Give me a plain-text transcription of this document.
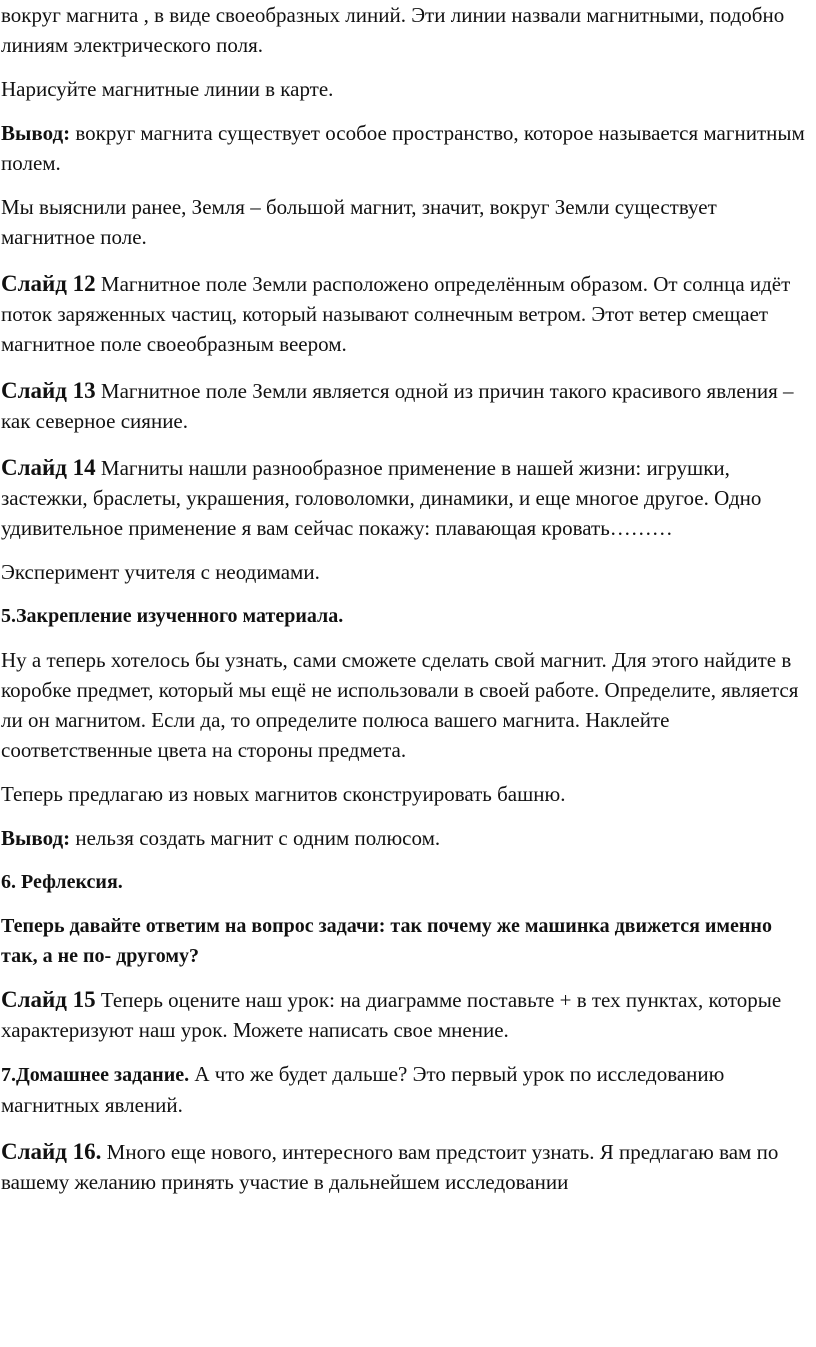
вокруг магнита , в виде своеобразных линий. Эти линии назвали магнитными, подобно линиям электрического поля.

Нарисуйте магнитные линии в карте.

Вывод: вокруг магнита существует особое пространство, которое называется магнитным полем.

Мы выяснили ранее, Земля – большой магнит, значит, вокруг Земли существует магнитное поле.

Слайд 12 Магнитное поле Земли расположено определённым образом. От солнца идёт поток заряженных частиц, который называют солнечным ветром. Этот ветер смещает магнитное поле своеобразным веером.

Слайд 13 Магнитное поле Земли является одной из причин такого красивого явления – как северное сияние.

Слайд 14 Магниты нашли разнообразное применение в нашей жизни: игрушки, застежки, браслеты, украшения, головоломки, динамики, и еще многое другое. Одно удивительное применение я вам сейчас покажу: плавающая кровать………

Эксперимент учителя с неодимами.

5.Закрепление изученного материала.

Ну а теперь хотелось бы узнать, сами сможете сделать свой магнит. Для этого найдите в коробке предмет, который мы ещё не использовали в своей работе. Определите, является ли он магнитом. Если да, то определите полюса вашего магнита. Наклейте соответственные цвета на стороны предмета.

Теперь предлагаю из новых магнитов сконструировать башню.

Вывод: нельзя создать магнит с одним полюсом.

6. Рефлексия.

Теперь давайте ответим на вопрос задачи: так почему же машинка движется именно так, а не по- другому?

Слайд 15 Теперь оцените наш урок: на диаграмме поставьте + в тех пунктах, которые характеризуют наш урок. Можете написать свое мнение.

7.Домашнее задание. А что же будет дальше? Это первый урок по исследованию магнитных явлений.

Слайд 16. Много еще нового, интересного вам предстоит узнать. Я предлагаю вам по вашему желанию принять участие в дальнейшем исследовании
